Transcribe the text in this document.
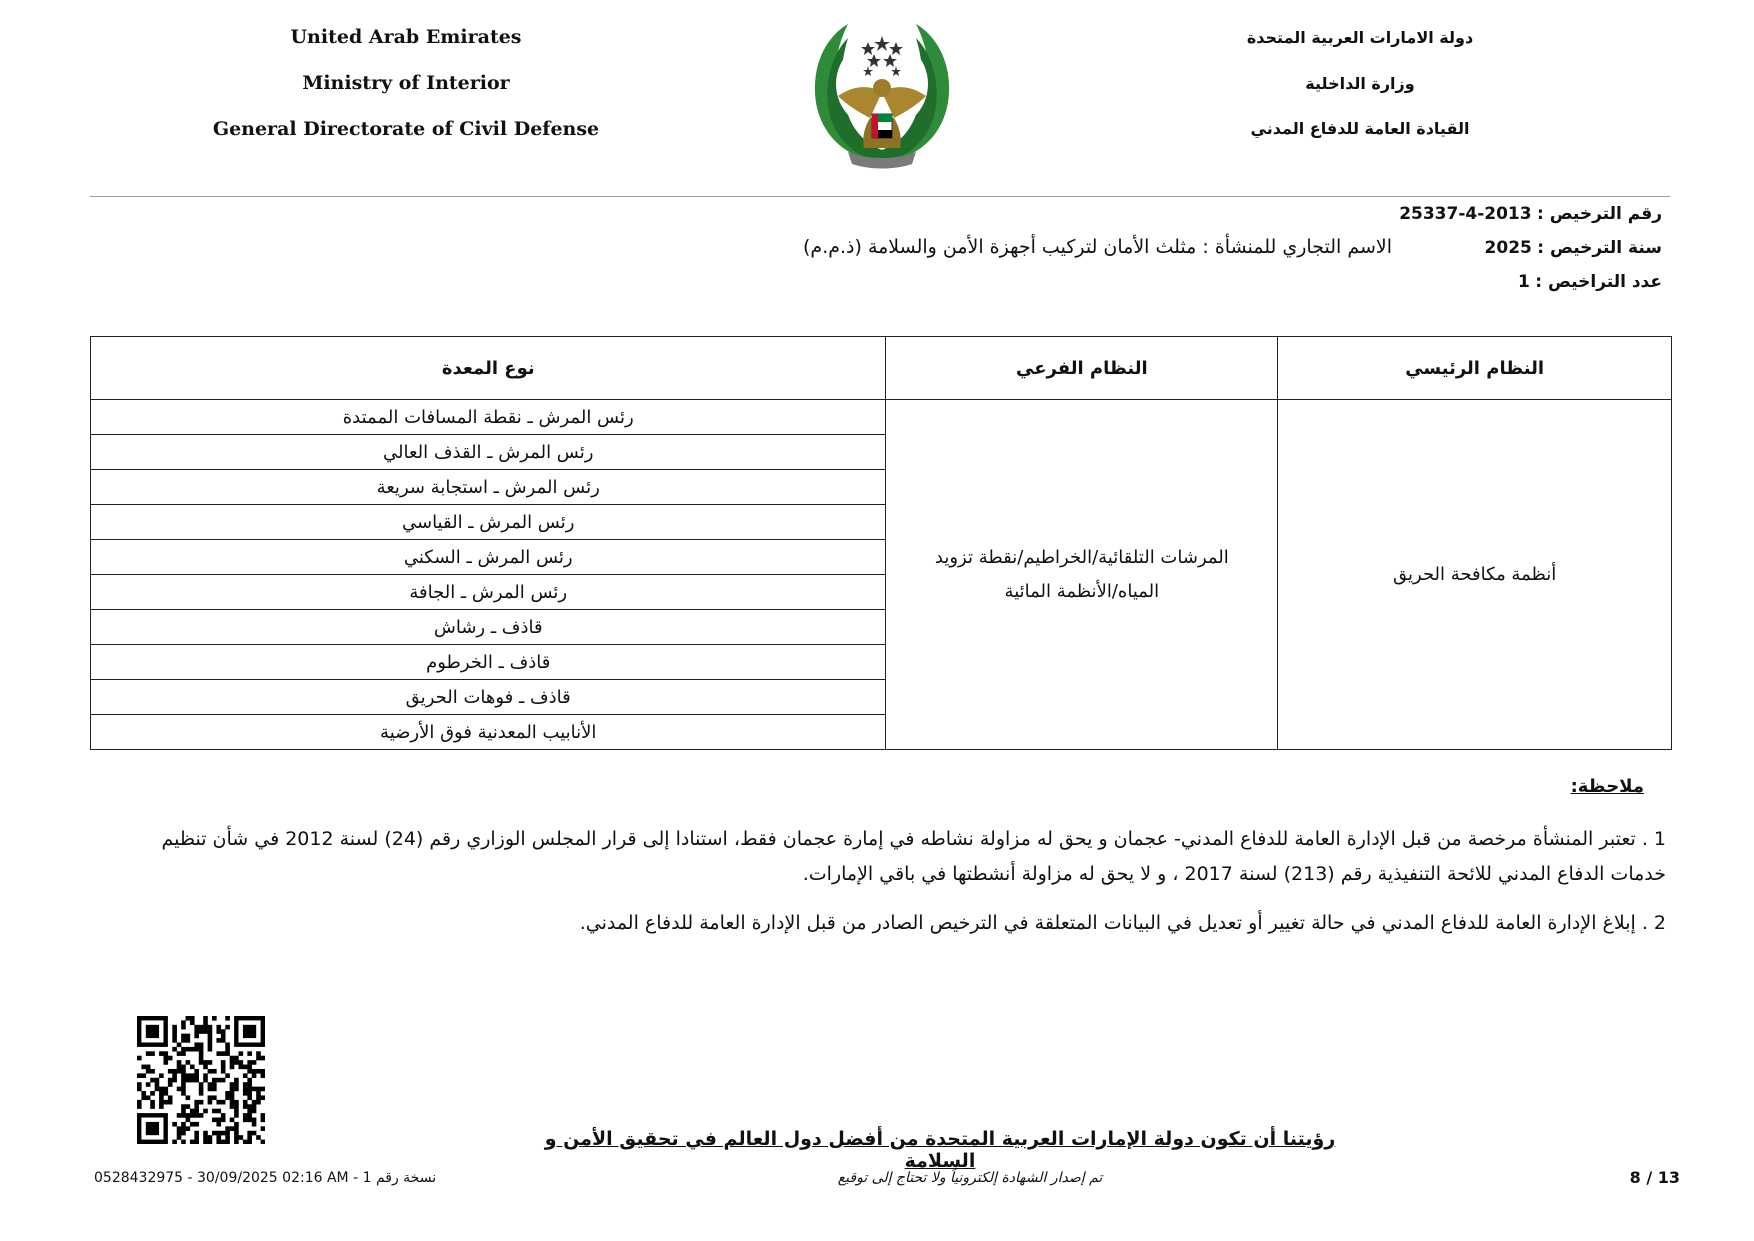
United Arab Emirates
Ministry of Interior
General Directorate of Civil Defense
دولة الامارات العربية المتحدة
وزارة الداخلية
القيادة العامة للدفاع المدني
رقم الترخيص : 25337-4-2013
سنة الترخيص : 2025
الاسم التجاري للمنشأة : مثلث الأمان لتركيب أجهزة الأمن والسلامة (ذ.م.م)
عدد التراخيص : 1
النظام الرئيسي	النظام الفرعي	نوع المعدة
أنظمة مكافحة الحريق	المرشات التلقائية/الخراطيم/نقطة تزويد المياه/الأنظمة المائية	رئس المرش ـ نقطة المسافات الممتدة
		رئس المرش ـ القذف العالي
		رئس المرش ـ استجابة سريعة
		رئس المرش ـ القياسي
		رئس المرش ـ السكني
		رئس المرش ـ الجافة
		قاذف ـ رشاش
		قاذف ـ الخرطوم
		قاذف ـ فوهات الحريق
		الأنابيب المعدنية فوق الأرضية
ملاحظة:
1 . تعتبر المنشأة مرخصة من قبل الإدارة العامة للدفاع المدني- عجمان و يحق له مزاولة نشاطه في إمارة عجمان فقط، استنادا إلى قرار المجلس الوزاري رقم (24) لسنة 2012 في شأن تنظيم خدمات الدفاع المدني للائحة التنفيذية رقم (213) لسنة 2017 ، و لا يحق له مزاولة أنشطتها في باقي الإمارات.
2 . إبلاغ الإدارة العامة للدفاع المدني في حالة تغيير أو تعديل في البيانات المتعلقة في الترخيص الصادر من قبل الإدارة العامة للدفاع المدني.
رؤيتنا أن تكون دولة الإمارات العربية المتحدة من أفضل دول العالم في تحقيق الأمن و السلامة
0528432975 - 30/09/2025 02:16 AM - نسخة رقم 1	تم إصدار الشهادة إلكترونياً ولا تحتاج إلى توقيع	8 / 13
